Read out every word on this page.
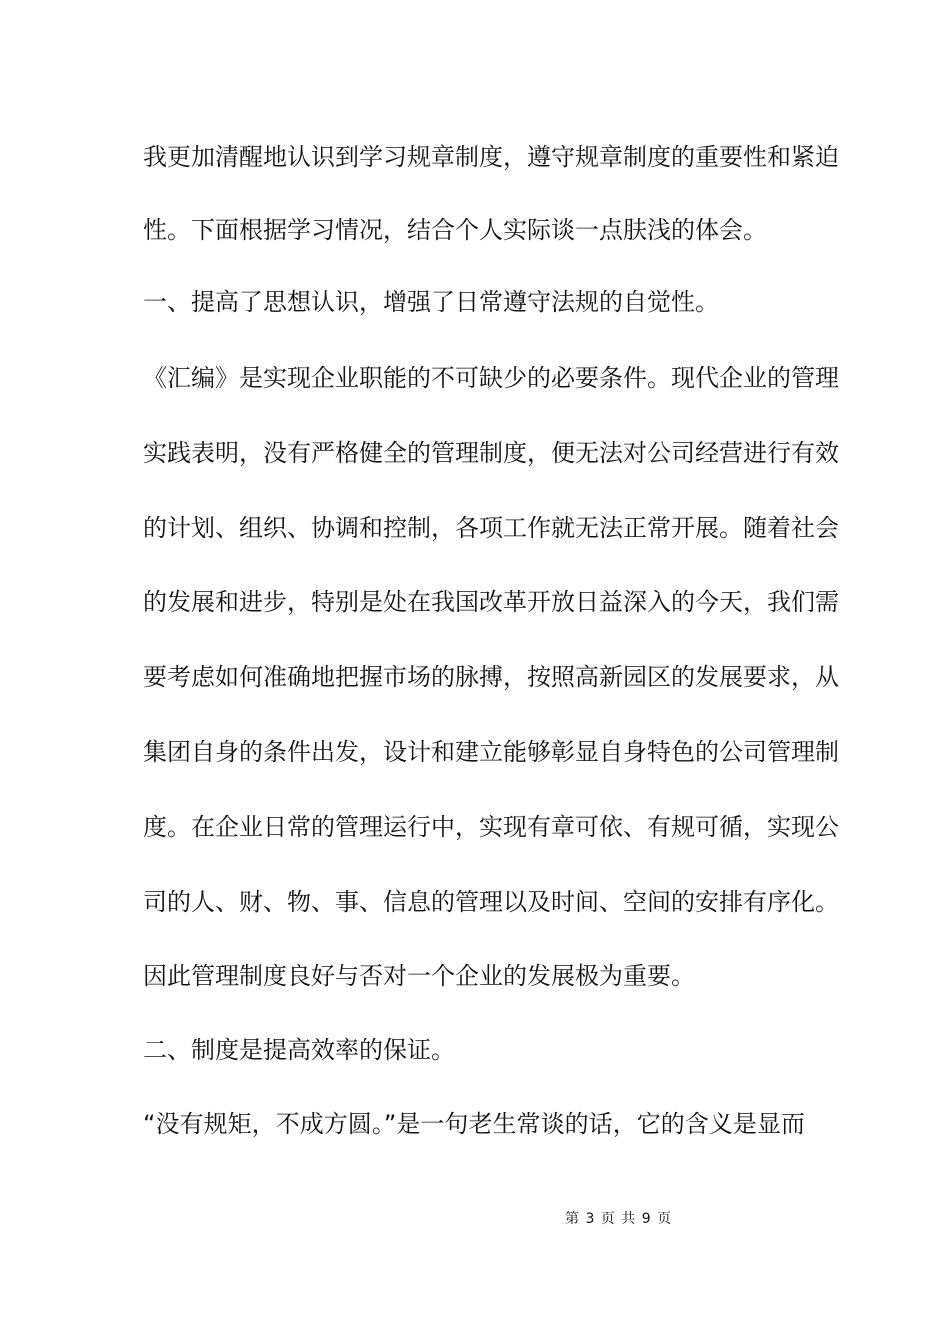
我更加清醒地认识到学习规章制度，遵守规章制度的重要性和紧迫
性。下面根据学习情况，结合个人实际谈一点肤浅的体会。
一、提高了思想认识，增强了日常遵守法规的自觉性。
《汇编》是实现企业职能的不可缺少的必要条件。现代企业的管理
实践表明，没有严格健全的管理制度，便无法对公司经营进行有效
的计划、组织、协调和控制，各项工作就无法正常开展。随着社会
的发展和进步，特别是处在我国改革开放日益深入的今天，我们需
要考虑如何准确地把握市场的脉搏，按照高新园区的发展要求，从
集团自身的条件出发，设计和建立能够彰显自身特色的公司管理制
度。在企业日常的管理运行中，实现有章可依、有规可循，实现公
司的人、财、物、事、信息的管理以及时间、空间的安排有序化。
因此管理制度良好与否对一个企业的发展极为重要。
二、制度是提高效率的保证。
“没有规矩，不成方圆。”是一句老生常谈的话，它的含义是显而
第 3 页 共 9 页
